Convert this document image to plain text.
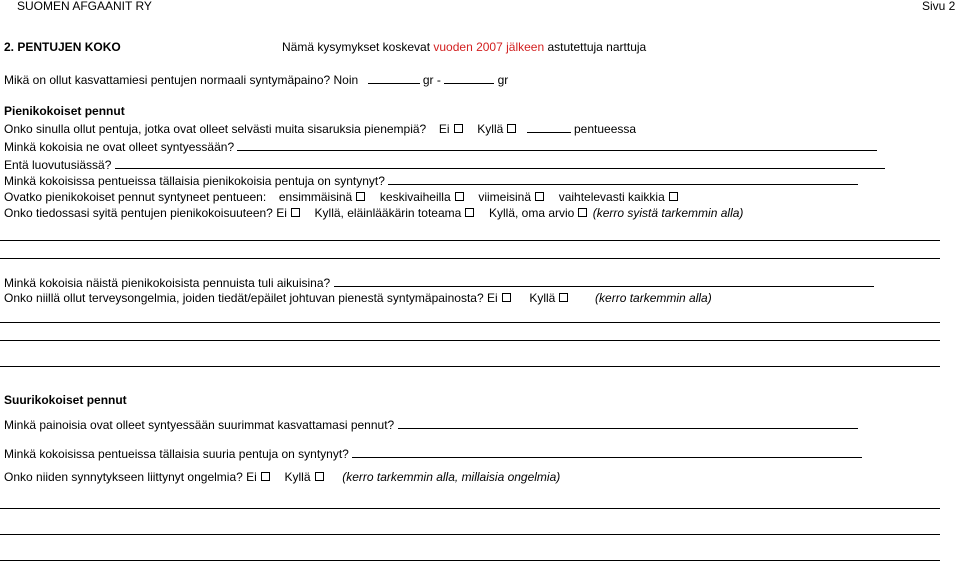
SUOMEN AFGAANIT RY	Sivu 2
2. PENTUJEN KOKO	Nämä kysymykset koskevat vuoden 2007 jälkeen astutettuja narttuja
Mikä on ollut kasvattamiesi pentujen normaali syntymäpaino? Noin	gr -	gr
Pienikokoiset pennut
Onko sinulla ollut pentuja, jotka ovat olleet selvästi muita sisaruksia pienempiä? Ei Kyllä	pentueessa
Minkä kokoisia ne ovat olleet syntyessään?
Entä luovutusiässä?
Minkä kokoisissa pentueissa tällaisia pienikokoisia pentuja on syntynyt?
Ovatko pienikokoiset pennut syntyneet pentueen: ensimmäisinä keskivaiheilla viimeisinä vaihtelevasti kaikkia
Onko tiedossasi syitä pentujen pienikokoisuuteen? Ei Kyllä, eläinlääkärin toteama Kyllä, oma arvio (kerro syistä tarkemmin alla)
Minkä kokoisia näistä pienikokoisista pennuista tuli aikuisina?
Onko niillä ollut terveysongelmia, joiden tiedät/epäilet johtuvan pienestä syntymäpainosta? Ei	Kyllä	(kerro tarkemmin alla)
Suurikokoiset pennut
Minkä painoisia ovat olleet syntyessään suurimmat kasvattamasi pennut?
Minkä kokoisissa pentueissa tällaisia suuria pentuja on syntynyt?
Onko niiden synnytykseen liittynyt ongelmia? Ei Kyllä	(kerro tarkemmin alla, millaisia ongelmia)
